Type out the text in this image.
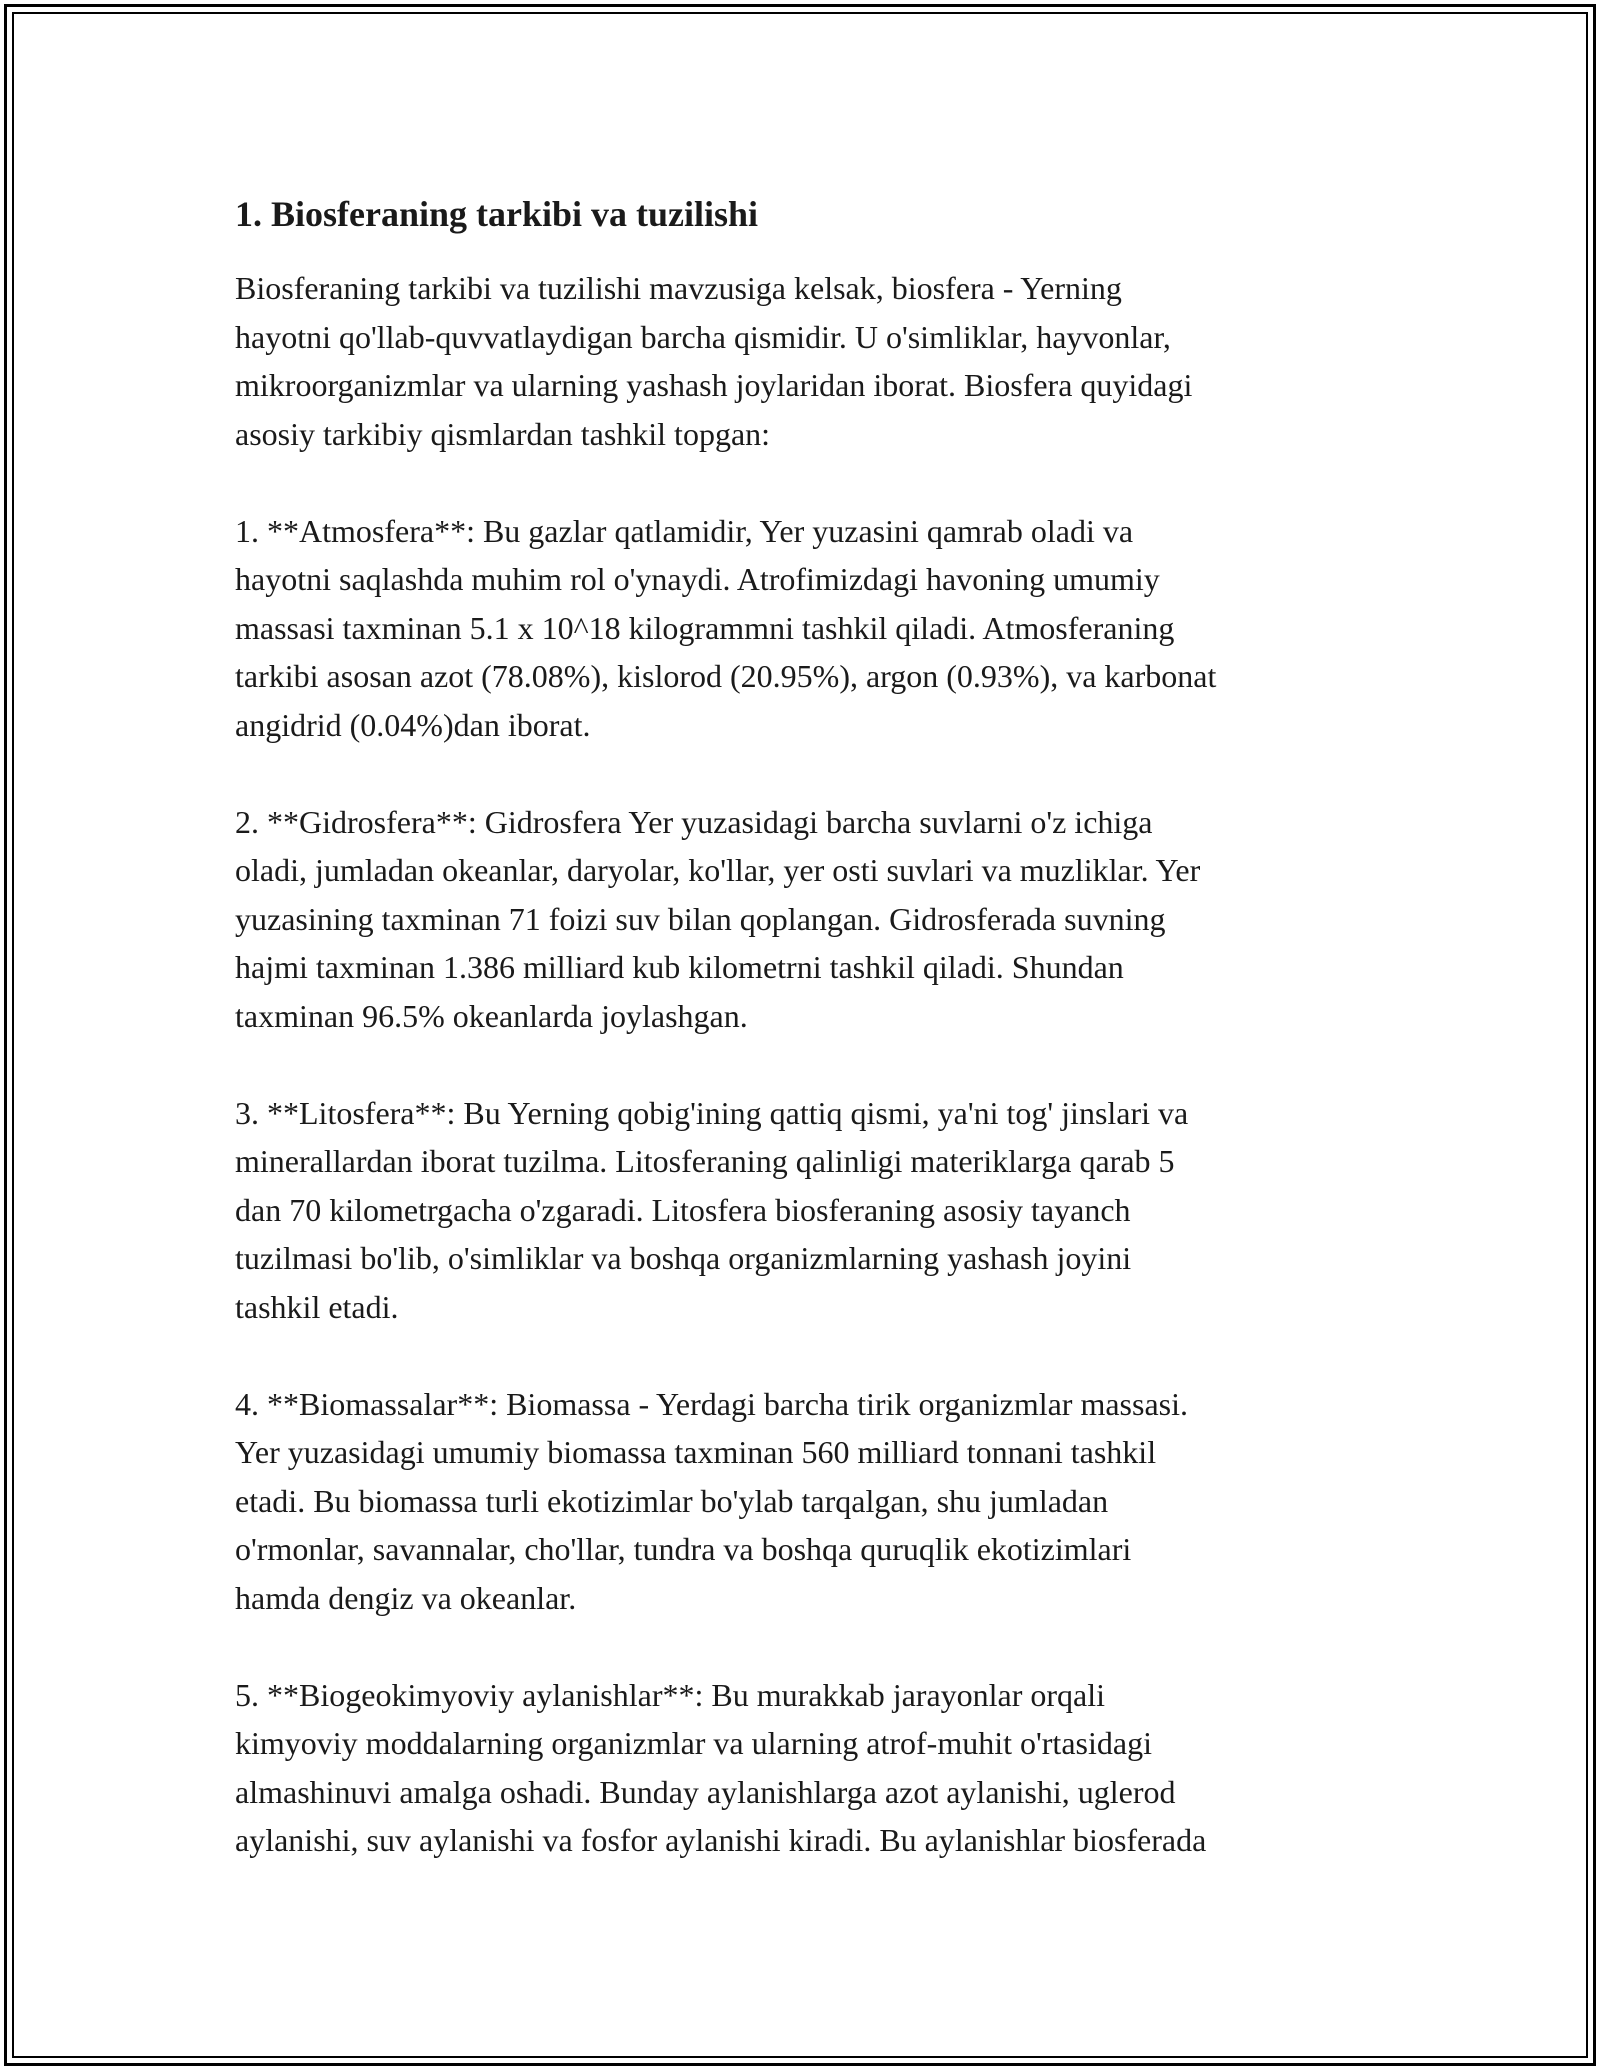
1. Biosferaning tarkibi va tuzilishi
Biosferaning tarkibi va tuzilishi mavzusiga kelsak, biosfera - Yerning
hayotni qo'llab-quvvatlaydigan barcha qismidir. U o'simliklar, hayvonlar,
mikroorganizmlar va ularning yashash joylaridan iborat. Biosfera quyidagi
asosiy tarkibiy qismlardan tashkil topgan:
1. **Atmosfera**: Bu gazlar qatlamidir, Yer yuzasini qamrab oladi va
hayotni saqlashda muhim rol o'ynaydi. Atrofimizdagi havoning umumiy
massasi taxminan 5.1 x 10^18 kilogrammni tashkil qiladi. Atmosferaning
tarkibi asosan azot (78.08%), kislorod (20.95%), argon (0.93%), va karbonat
angidrid (0.04%)dan iborat.
2. **Gidrosfera**: Gidrosfera Yer yuzasidagi barcha suvlarni o'z ichiga
oladi, jumladan okeanlar, daryolar, ko'llar, yer osti suvlari va muzliklar. Yer
yuzasining taxminan 71 foizi suv bilan qoplangan. Gidrosferada suvning
hajmi taxminan 1.386 milliard kub kilometrni tashkil qiladi. Shundan
taxminan 96.5% okeanlarda joylashgan.
3. **Litosfera**: Bu Yerning qobig'ining qattiq qismi, ya'ni tog' jinslari va
minerallardan iborat tuzilma. Litosferaning qalinligi materiklarga qarab 5
dan 70 kilometrgacha o'zgaradi. Litosfera biosferaning asosiy tayanch
tuzilmasi bo'lib, o'simliklar va boshqa organizmlarning yashash joyini
tashkil etadi.
4. **Biomassalar**: Biomassa - Yerdagi barcha tirik organizmlar massasi.
Yer yuzasidagi umumiy biomassa taxminan 560 milliard tonnani tashkil
etadi. Bu biomassa turli ekotizimlar bo'ylab tarqalgan, shu jumladan
o'rmonlar, savannalar, cho'llar, tundra va boshqa quruqlik ekotizimlari
hamda dengiz va okeanlar.
5. **Biogeokimyoviy aylanishlar**: Bu murakkab jarayonlar orqali
kimyoviy moddalarning organizmlar va ularning atrof-muhit o'rtasidagi
almashinuvi amalga oshadi. Bunday aylanishlarga azot aylanishi, uglerod
aylanishi, suv aylanishi va fosfor aylanishi kiradi. Bu aylanishlar biosferada
